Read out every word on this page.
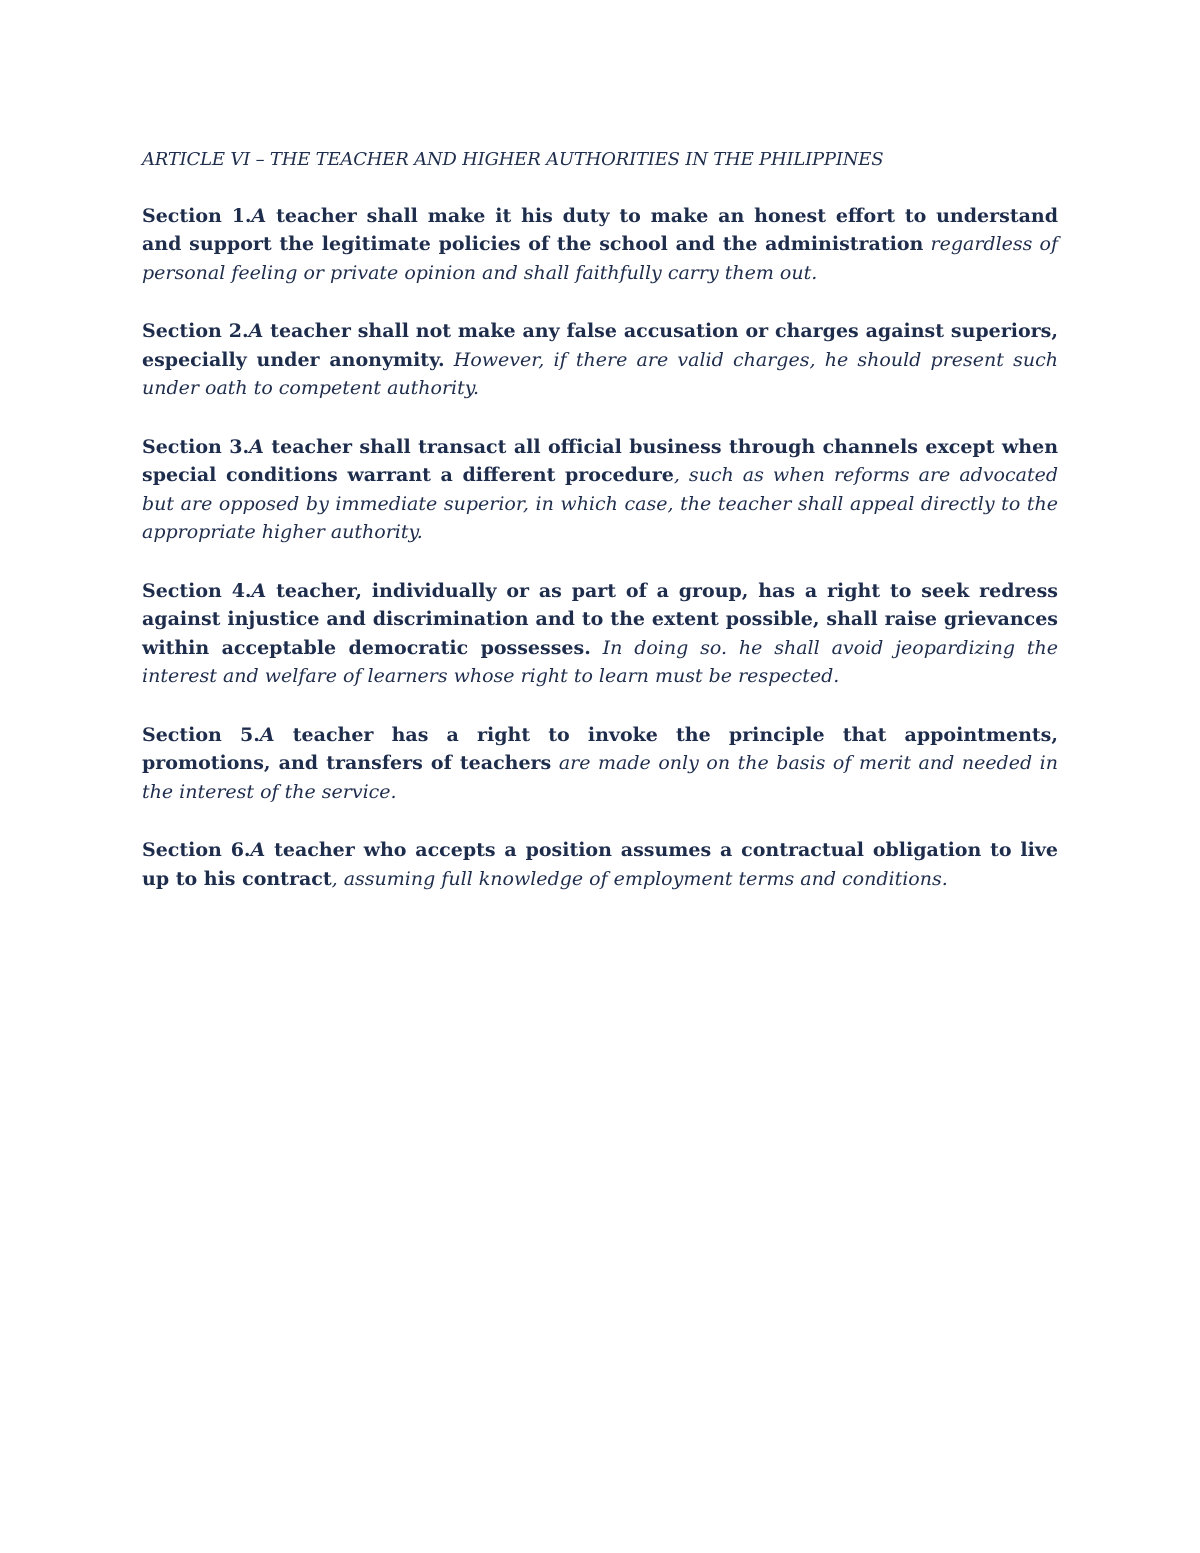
ARTICLE VI – THE TEACHER AND HIGHER AUTHORITIES IN THE PHILIPPINES

Section 1.A teacher shall make it his duty to make an honest effort to understand and support the legitimate policies of the school and the administration regardless of personal feeling or private opinion and shall faithfully carry them out.

Section 2.A teacher shall not make any false accusation or charges against superiors, especially under anonymity. However, if there are valid charges, he should present such under oath to competent authority.

Section 3.A teacher shall transact all official business through channels except when special conditions warrant a different procedure, such as when reforms are advocated but are opposed by immediate superior, in which case, the teacher shall appeal directly to the appropriate higher authority.

Section 4.A teacher, individually or as part of a group, has a right to seek redress against injustice and discrimination and to the extent possible, shall raise grievances within acceptable democratic possesses. In doing so. he shall avoid jeopardizing the interest and welfare of learners whose right to learn must be respected.

Section 5.A teacher has a right to invoke the principle that appointments, promotions, and transfers of teachers are made only on the basis of merit and needed in the interest of the service.

Section 6.A teacher who accepts a position assumes a contractual obligation to live up to his contract, assuming full knowledge of employment terms and conditions.
